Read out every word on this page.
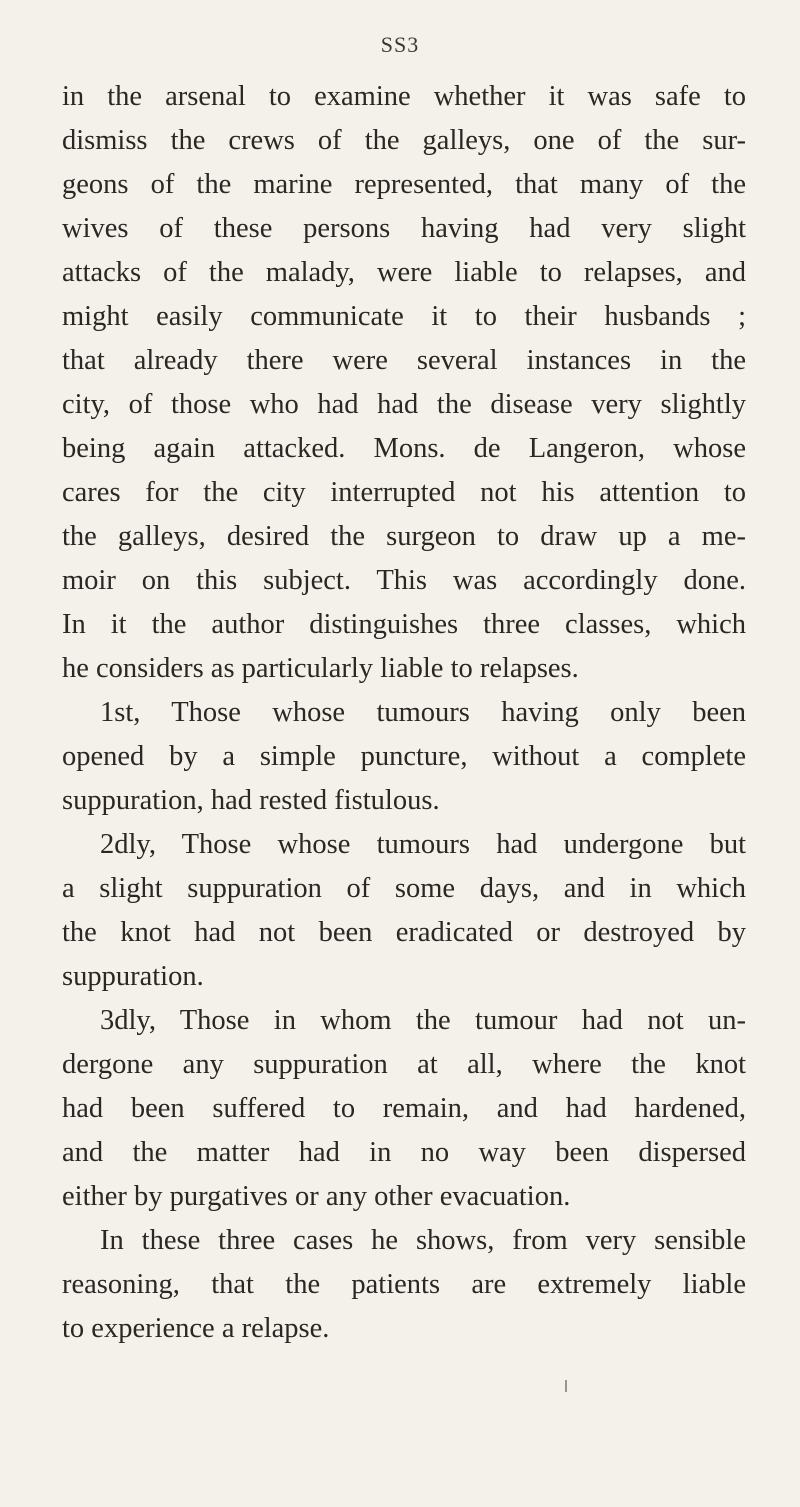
SS3
in the arsenal to examine whether it was safe to
dismiss the crews of the galleys, one of the sur-
geons of the marine represented, that many of the
wives of these persons having had very slight
attacks of the malady, were liable to relapses, and
might easily communicate it to their husbands ;
that already there were several instances in the
city, of those who had had the disease very slightly
being again attacked. Mons. de Langeron, whose
cares for the city interrupted not his attention to
the galleys, desired the surgeon to draw up a me-
moir on this subject. This was accordingly done.
In it the author distinguishes three classes, which
he considers as particularly liable to relapses.
1st, Those whose tumours having only been
opened by a simple puncture, without a complete
suppuration, had rested fistulous.
2dly, Those whose tumours had undergone but
a slight suppuration of some days, and in which
the knot had not been eradicated or destroyed by
suppuration.
3dly, Those in whom the tumour had not un-
dergone any suppuration at all, where the knot
had been suffered to remain, and had hardened,
and the matter had in no way been dispersed
either by purgatives or any other evacuation.
In these three cases he shows, from very sensible
reasoning, that the patients are extremely liable
to experience a relapse.
